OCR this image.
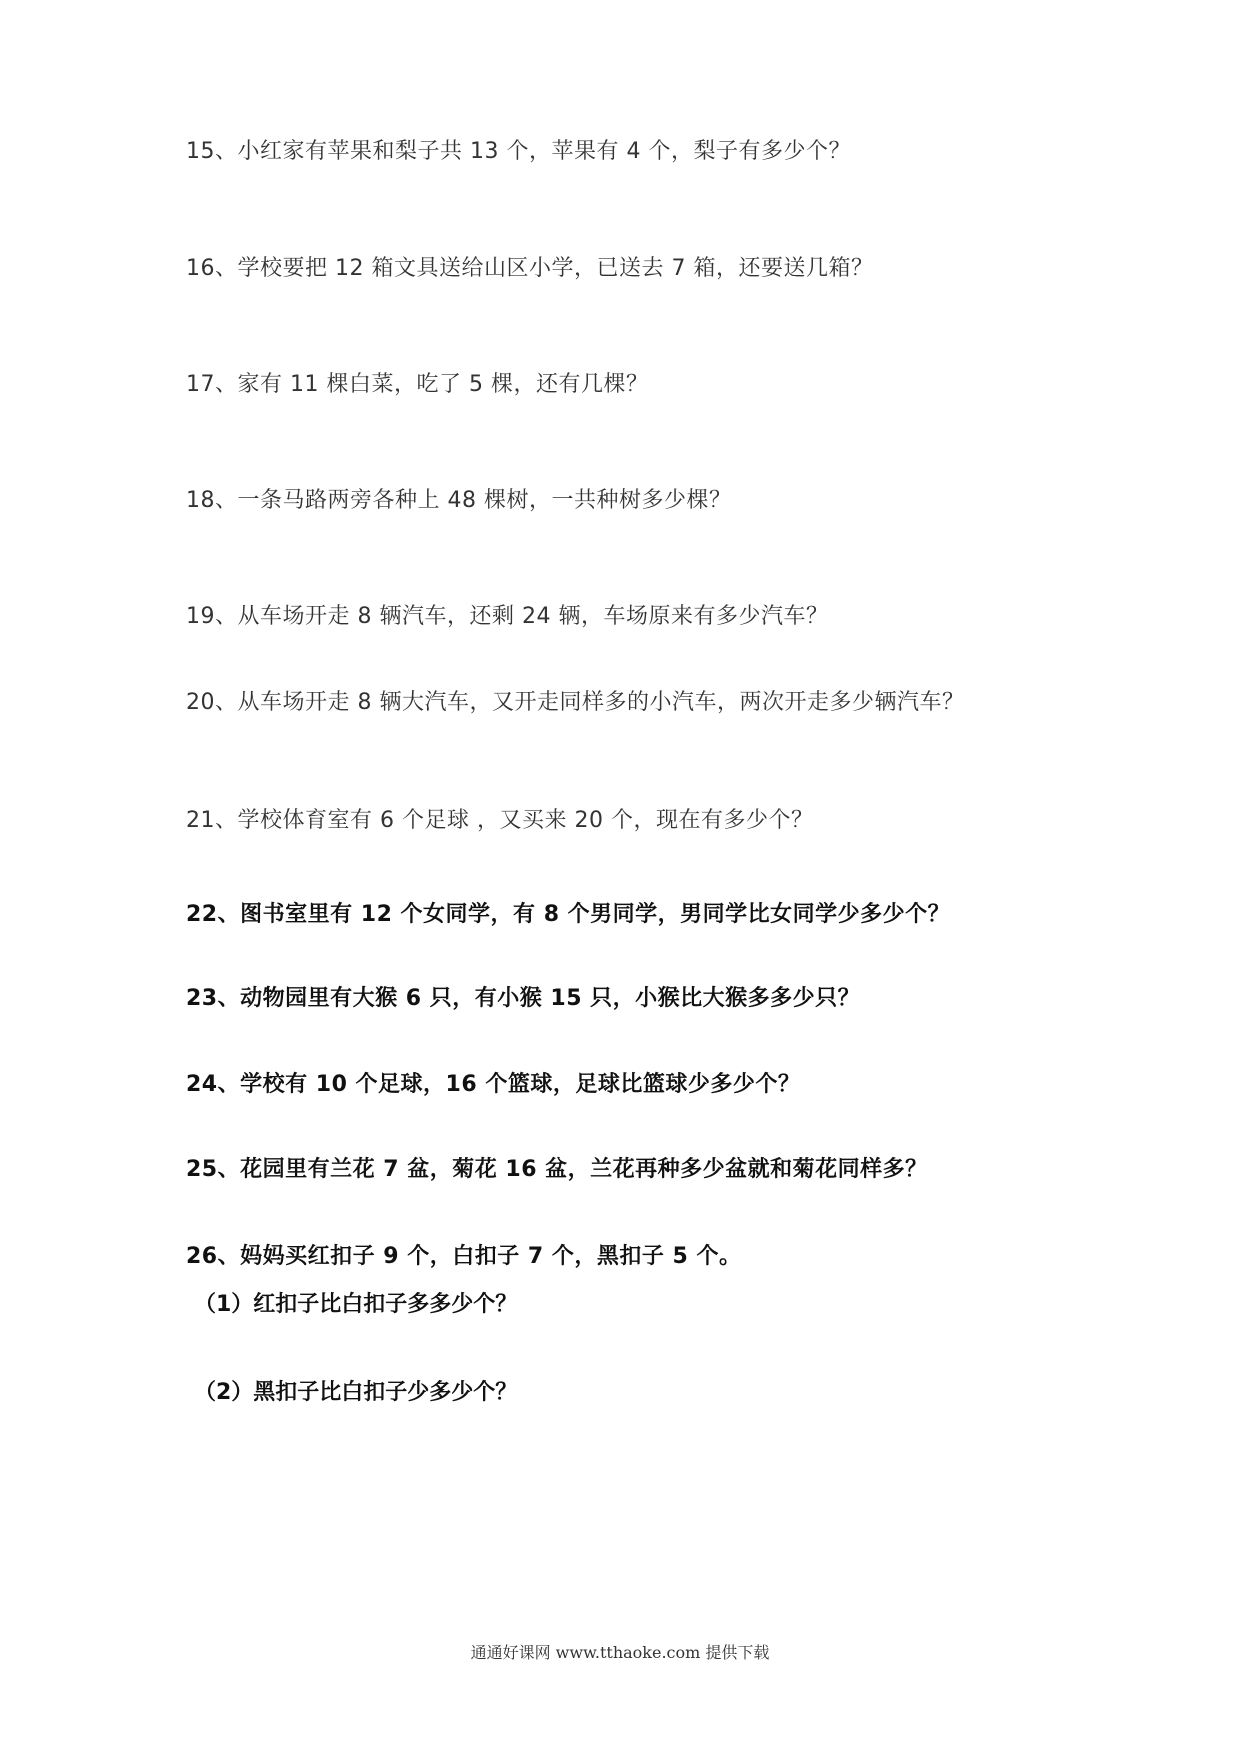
15、小红家有苹果和梨子共 13 个，苹果有 4 个，梨子有多少个？
16、学校要把 12 箱文具送给山区小学，已送去 7 箱，还要送几箱？
17、家有 11 棵白菜，吃了 5 棵，还有几棵？
18、一条马路两旁各种上 48 棵树，一共种树多少棵？
19、从车场开走 8 辆汽车，还剩 24 辆，车场原来有多少汽车？
20、从车场开走 8 辆大汽车，又开走同样多的小汽车，两次开走多少辆汽车？
21、学校体育室有 6 个足球 ，又买来 20 个，现在有多少个？
22、图书室里有 12 个女同学，有 8 个男同学，男同学比女同学少多少个？
23、动物园里有大猴 6 只，有小猴 15 只，小猴比大猴多多少只？
24、学校有 10 个足球，16 个篮球，足球比篮球少多少个？
25、花园里有兰花 7 盆，菊花 16 盆，兰花再种多少盆就和菊花同样多？
26、妈妈买红扣子 9 个，白扣子 7 个，黑扣子 5 个。
（1）红扣子比白扣子多多少个？
（2）黑扣子比白扣子少多少个？
通通好课网 www.tthaoke.com 提供下载
